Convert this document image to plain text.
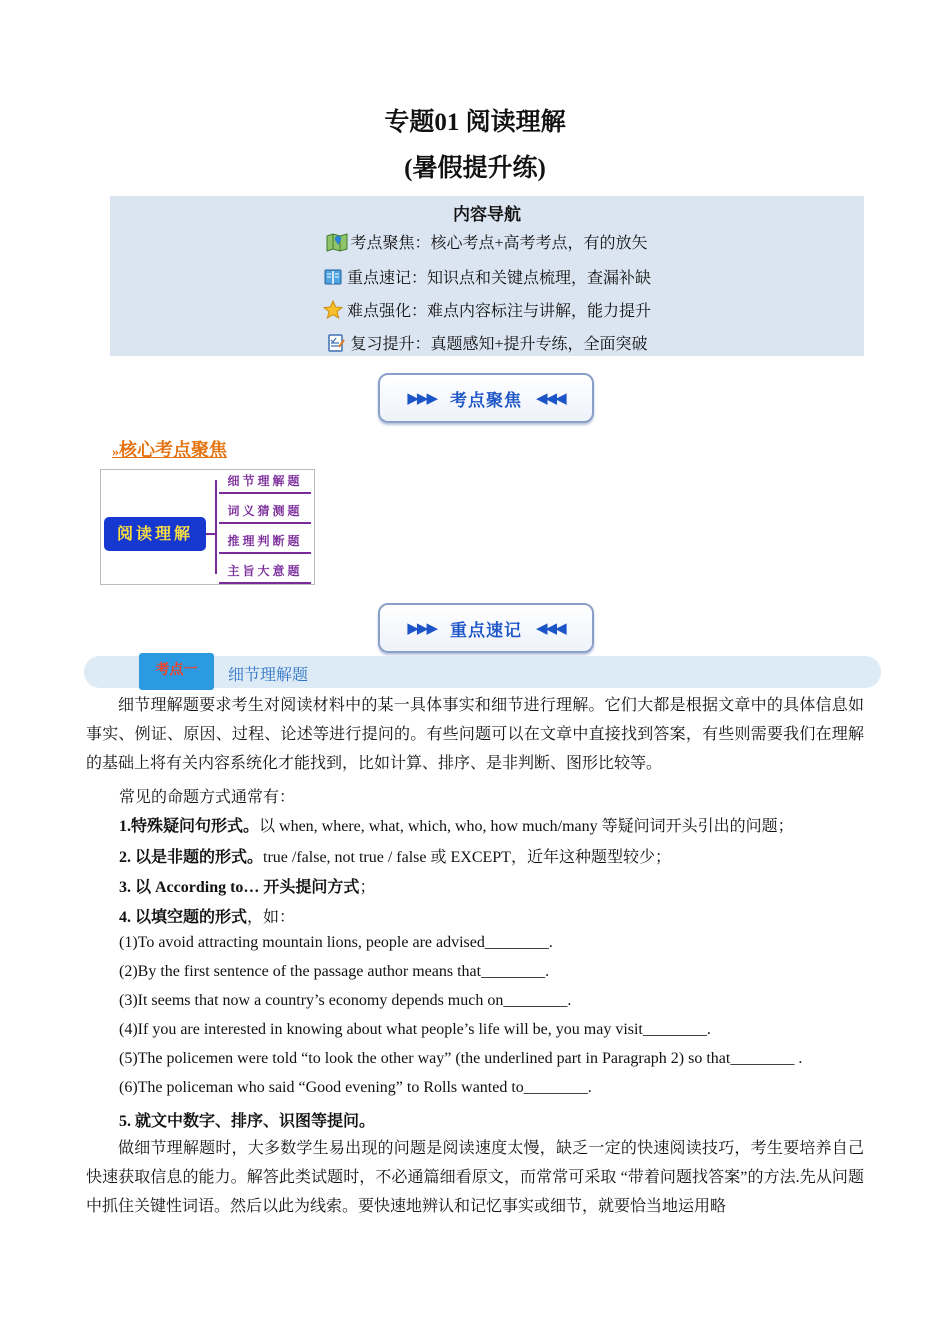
专题01 阅读理解
(暑假提升练)
内容导航
考点聚焦：核心考点+高考考点，有的放矢
重点速记：知识点和关键点梳理，查漏补缺
难点强化：难点内容标注与讲解，能力提升
复习提升：真题感知+提升专练，全面突破
▶▶▶ 考点聚焦 ◀◀◀
»核心考点聚焦
阅读理解
细节理解题
词义猜测题
推理判断题
主旨大意题
▶▶▶ 重点速记 ◀◀◀
考点一	细节理解题
细节理解题要求考生对阅读材料中的某一具体事实和细节进行理解。它们大都是根据文章中的具体信息如事实、例证、原因、过程、论述等进行提问的。有些问题可以在文章中直接找到答案，有些则需要我们在理解的基础上将有关内容系统化才能找到，比如计算、排序、是非判断、图形比较等。
常见的命题方式通常有：
1.特殊疑问句形式。以 when, where, what, which, who, how much/many 等疑问词开头引出的问题；
2. 以是非题的形式。true /false, not true / false 或 EXCEPT，近年这种题型较少；
3. 以 According to… 开头提问方式；
4. 以填空题的形式，如：
(1)To avoid attracting mountain lions, people are advised________.
(2)By the first sentence of the passage author means that________.
(3)It seems that now a country’s economy depends much on________.
(4)If you are interested in knowing about what people’s life will be, you may visit________.
(5)The policemen were told “to look the other way” (the underlined part in Paragraph 2) so that________ .
(6)The policeman who said “Good evening” to Rolls wanted to________.
5. 就文中数字、排序、识图等提问。
做细节理解题时，大多数学生易出现的问题是阅读速度太慢，缺乏一定的快速阅读技巧，考生要培养自己快速获取信息的能力。解答此类试题时，不必通篇细看原文，而常常可采取 “带着问题找答案”的方法.先从问题中抓住关键性词语。然后以此为线索。要快速地辨认和记忆事实或细节，就要恰当地运用略
